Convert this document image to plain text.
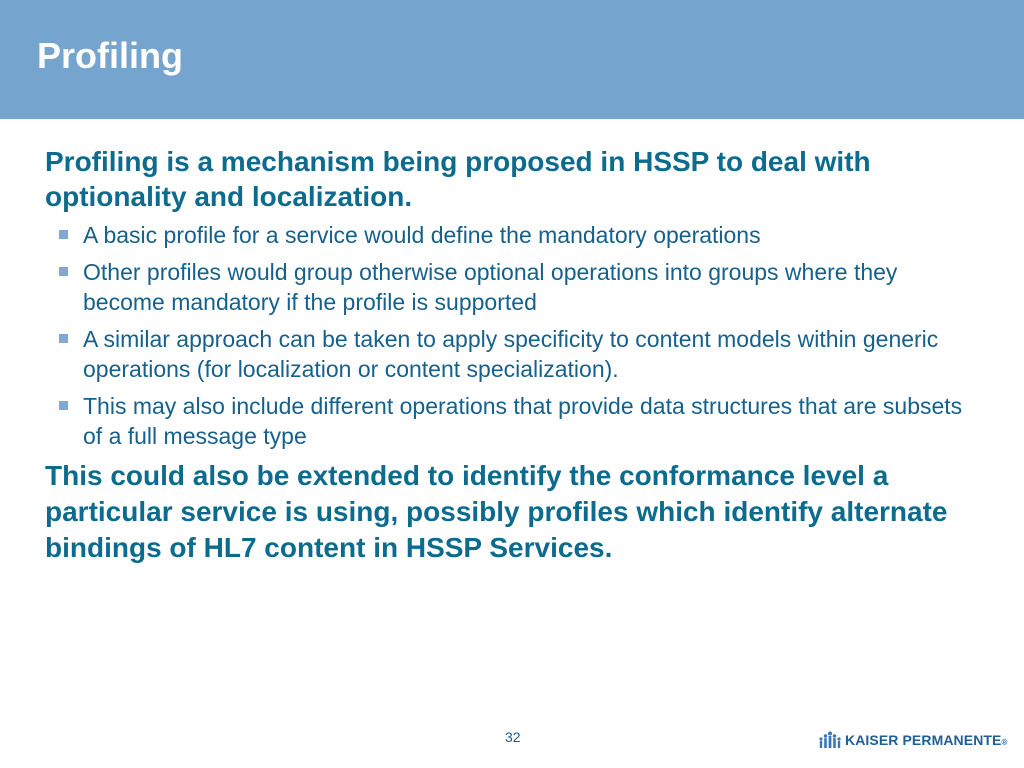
Profiling

Profiling is a mechanism being proposed in HSSP to deal with optionality and localization.

A basic profile for a service would define the mandatory operations
Other profiles would group otherwise optional operations into groups where they become mandatory if the profile is supported
A similar approach can be taken to apply specificity to content models within generic operations (for localization or content specialization).
This may also include different operations that provide data structures that are subsets of a full message type

This could also be extended to identify the conformance level a particular service is using, possibly profiles which identify alternate bindings of HL7 content in HSSP Services.

32	KAISER PERMANENTE®
